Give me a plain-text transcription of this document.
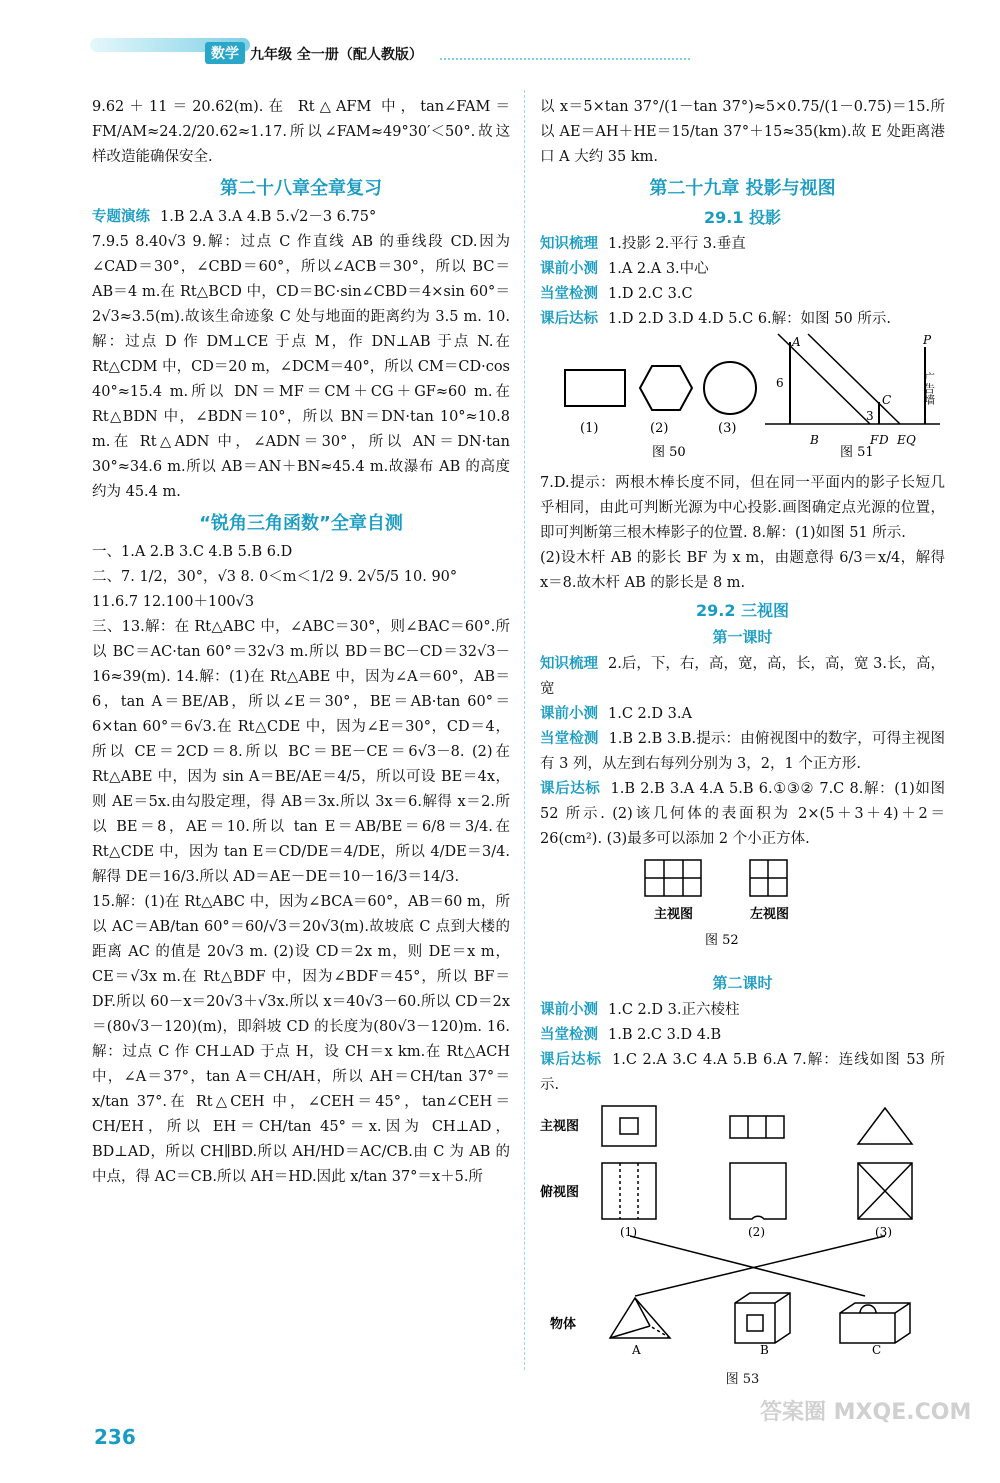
数学 九年级 全一册（配人教版）

9.62＋11＝20.62(m).在 Rt△AFM 中，tan∠FAM＝FM/AM≈24.2/20.62≈1.17.所以∠FAM≈49°30′＜50°.故这样改造能确保安全.

第二十八章全章复习

专题演练 1.B 2.A 3.A 4.B 5.√2－3 6.75°

7.9.5 8.40√3 9.解：过点 C 作直线 AB 的垂线段 CD.因为∠CAD＝30°，∠CBD＝60°，所以∠ACB＝30°，所以 BC＝AB＝4 m.在 Rt△BCD 中，CD＝BC·sin∠CBD＝4×sin 60°＝2√3≈3.5(m).故该生命迹象 C 处与地面的距离约为 3.5 m. 10.解：过点 D 作 DM⊥CE 于点 M，作 DN⊥AB 于点 N.在 Rt△CDM 中，CD＝20 m，∠DCM＝40°，所以 CM＝CD·cos 40°≈15.4 m.所以 DN＝MF＝CM＋CG＋GF≈60 m.在 Rt△BDN 中，∠BDN＝10°，所以 BN＝DN·tan 10°≈10.8 m.在 Rt△ADN 中，∠ADN＝30°，所以 AN＝DN·tan 30°≈34.6 m.所以 AB＝AN＋BN≈45.4 m.故瀑布 AB 的高度约为 45.4 m.

“锐角三角函数”全章自测

一、1.A 2.B 3.C 4.B 5.B 6.D

二、7. 1/2，30°，√3 8. 0＜m＜1/2 9. 2√5/5 10. 90°

11.6.7 12.100＋100√3

三、13.解：在 Rt△ABC 中，∠ABC＝30°，则∠BAC＝60°.所以 BC＝AC·tan 60°＝32√3 m.所以 BD＝BC－CD＝32√3－16≈39(m). 14.解：(1)在 Rt△ABE 中，因为∠A＝60°，AB＝6，tan A＝BE/AB，所以∠E＝30°，BE＝AB·tan 60°＝6×tan 60°＝6√3.在 Rt△CDE 中，因为∠E＝30°，CD＝4，所以 CE＝2CD＝8.所以 BC＝BE－CE＝6√3－8. (2)在 Rt△ABE 中，因为 sin A＝BE/AE＝4/5，所以可设 BE＝4x，则 AE＝5x.由勾股定理，得 AB＝3x.所以 3x＝6.解得 x＝2.所以 BE＝8，AE＝10.所以 tan E＝AB/BE＝6/8＝3/4.在 Rt△CDE 中，因为 tan E＝CD/DE＝4/DE，所以 4/DE＝3/4.解得 DE＝16/3.所以 AD＝AE－DE＝10－16/3＝14/3.

15.解：(1)在 Rt△ABC 中，因为∠BCA＝60°，AB＝60 m，所以 AC＝AB/tan 60°＝60/√3＝20√3(m).故坡底 C 点到大楼的距离 AC 的值是 20√3 m. (2)设 CD＝2x m，则 DE＝x m，CE＝√3x m.在 Rt△BDF 中，因为∠BDF＝45°，所以 BF＝DF.所以 60－x＝20√3＋√3x.所以 x＝40√3－60.所以 CD＝2x＝(80√3－120)(m)，即斜坡 CD 的长度为(80√3－120)m. 16.解：过点 C 作 CH⊥AD 于点 H，设 CH＝x km.在 Rt△ACH 中，∠A＝37°，tan A＝CH/AH，所以 AH＝CH/tan 37°＝x/tan 37°.在 Rt△CEH 中，∠CEH＝45°，tan∠CEH＝CH/EH，所以 EH＝CH/tan 45°＝x.因为 CH⊥AD，BD⊥AD，所以 CH∥BD.所以 AH/HD＝AC/CB.由 C 为 AB 的中点，得 AC＝CB.所以 AH＝HD.因此 x/tan 37°＝x＋5.所

以 x＝5×tan 37°/(1－tan 37°)≈5×0.75/(1－0.75)＝15.所以 AE＝AH＋HE＝15/tan 37°＋15≈35(km).故 E 处距离港口 A 大约 35 km.

第二十九章 投影与视图
29.1 投影

知识梳理 1.投影 2.平行 3.垂直

课前小测 1.A 2.A 3.中心

当堂检测 1.D 2.C 3.C

课后达标 1.D 2.D 3.D 4.D 5.C 6.解：如图 50 所示.

(1)	(2)	(3)
图 50
A
B
C
F D E Q
P
6
3
广告墙
图 51

7.D.提示：两根木棒长度不同，但在同一平面内的影子长短几乎相同，由此可判断光源为中心投影.画图确定点光源的位置，即可判断第三根木棒影子的位置. 8.解：(1)如图 51 所示.

(2)设木杆 AB 的影长 BF 为 x m，由题意得 6/3＝x/4，解得 x＝8.故木杆 AB 的影长是 8 m.

29.2 三视图
第一课时

知识梳理 2.后，下，右，高，宽，高，长，高，宽 3.长，高，宽

课前小测 1.C 2.D 3.A

当堂检测 1.B 2.B 3.B.提示：由俯视图中的数字，可得主视图有 3 列，从左到右每列分别为 3，2，1 个正方形.

课后达标 1.B 2.B 3.A 4.A 5.B 6.①③② 7.C 8.解：(1)如图 52 所示. (2)该几何体的表面积为 2×(5＋3＋4)＋2＝26(cm²). (3)最多可以添加 2 个小正方体.

主视图	左视图
图 52
第二课时

课前小测 1.C 2.D 3.正六棱柱

当堂检测 1.B 2.C 3.D 4.B

课后达标 1.C 2.A 3.C 4.A 5.B 6.A 7.解：连线如图 53 所示.

主视图
俯视图
物体
(1)	(2)	(3)
A	B	C

图 53

236
答案圈 MXQE.COM
